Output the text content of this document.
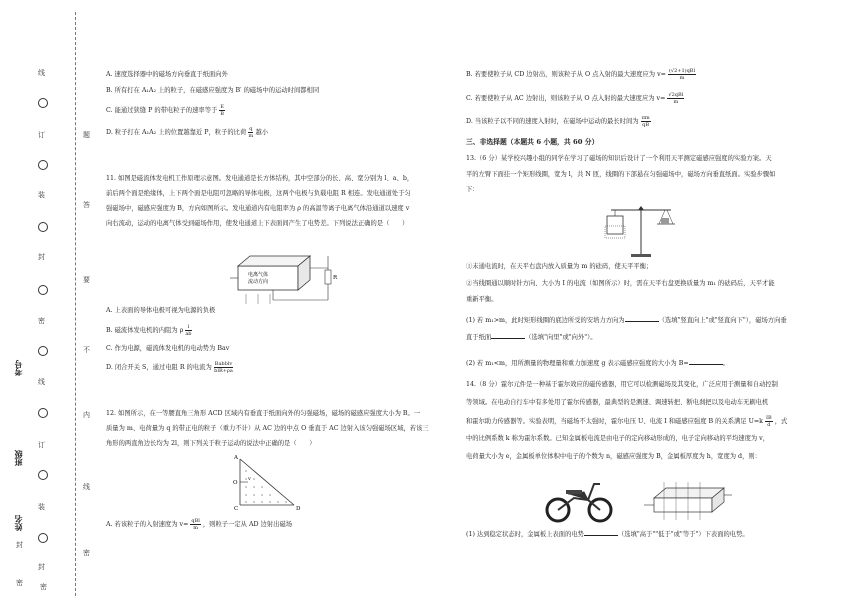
线
订
装
封
密
线
订
装
封
考号
班级
姓名
题
答
要
不
内
线
密
密
封
密
A. 速度选择器中的磁场方向垂直于纸面向外
B. 所有打在 A₁A₂ 上的粒子，在磁感应强度为 B′ 的磁场中的运动时间都相同
C. 能通过狭缝 P 的带电粒子的速率等于 $\frac{E}{B}$
D. 粒子打在 A₁A₂ 上的位置越靠近 P，粒子的比荷 $\frac{q}{m}$ 越小
11. 如图是磁流体发电机工作原理示意图。发电通道是长方体结构，其中空部分的长、高、宽分别为 l、a、b，
前后两个面是绝缘体，上下两个面是电阻可忽略的导体电极，这两个电极与负载电阻 R 相连。发电通道处于匀
强磁场中，磁感应强度为 B，方向如图所示。发电通道内有电阻率为 ρ 的高温等离子电离气体沿通道以速度 v
向右流动，运动的电离气体受到磁场作用，使发电通道上下表面间产生了电势差。下列说法正确的是（　　）
电离气体
流动方向
R
A. 上表面的导体电极可视为电源的负极
B. 磁流体发电机的内阻为 ρ $\frac{l}{ab}$
C. 作为电源，磁流体发电机的电动势为 Bav
D. 闭合开关 S，通过电阻 R 的电流为 $\frac{\text{Babblv}}{\text{blR+ρa}}$
12. 如图所示，在一等腰直角三角形 ACD 区域内有垂直于纸面向外的匀强磁场，磁场的磁感应强度大小为 B。一
质量为 m、电荷量为 q 的带正电的粒子（重力不计）从 AC 边的中点 O 垂直于 AC 边射入该匀强磁场区域，若该三
角形的两直角边长均为 2l，则下列关于粒子运动的说法中正确的是（　　）
A
O
C	D
v
A. 若该粒子的入射速度为 $v= \frac{\text{qBl}}{m}$ ，则粒子一定从 AD 边射出磁场
B. 若要使粒子从 CD 边射出，则该粒子从 O 点入射的最大速度应为 $v= \frac{\text{(√2+1)qBl}}{m}$
C. 若要使粒子从 AC 边射出，则该粒子从 O 点入射的最大速度应为 $v= \frac{\text{√2qBl}}{m}$
D. 当该粒子以不同的速度入射时，在磁场中运动的最长时间为 $\frac{\pi m}{qB}$
三、非选择题（本题共 6 小题，共 60 分）
13.（6 分）某学校兴趣小组的同学在学习了磁场的知识后设计了一个利用天平测定磁感应强度的实验方案。天
平的左臂下面挂一个矩形线圈，宽为 l，共 N 匝，线圈的下部悬在匀强磁场中，磁场方向垂直纸面。实验步骤如
下：
①未通电流时，在天平右盘内放入质量为 m 的砝码，使天平平衡；
②当线圈通以顺时针方向、大小为 I 的电流（如图所示）时，需在天平右盘更换质量为 m₁ 的砝码后，天平才能
重新平衡。
(1) 若 m₁>m，此时矩形线圈的底边所受的安培力方向为	（选填"竖直向上"或"竖直向下"），磁场方向垂
直于纸面	（选填"向里"或"向外"）。
(2) 若 m₁<m，用所测量的物理量和重力加速度 g 表示磁感应强度的大小为 B=	。
14.（8 分）霍尔元件是一种基于霍尔效应的磁传感器，用它可以检测磁场及其变化，广泛应用于测量和自动控制
等领域。在电动自行车中有多处用了霍尔传感器，最典型的是测速、调速转把、断电刹把以及电动车无刷电机
和霍尔助力传感器等。实验表明，当磁场不太强时，霍尔电压 U、电流 I 和磁感应强度 B 的关系满足 $U=k \frac{IB}{d}$ ，式
中的比例系数 k 称为霍尔系数。已知金属板电流是由电子的定向移动形成的，电子定向移动的平均速度为 v，
电荷量大小为 e，金属板单位体积中电子的个数为 n，磁感应强度为 B，金属板厚度为 h，宽度为 d，则：
(1) 达到稳定状态时，金属板上表面的电势	（选填"高于""低于"或"等于"）下表面的电势。
